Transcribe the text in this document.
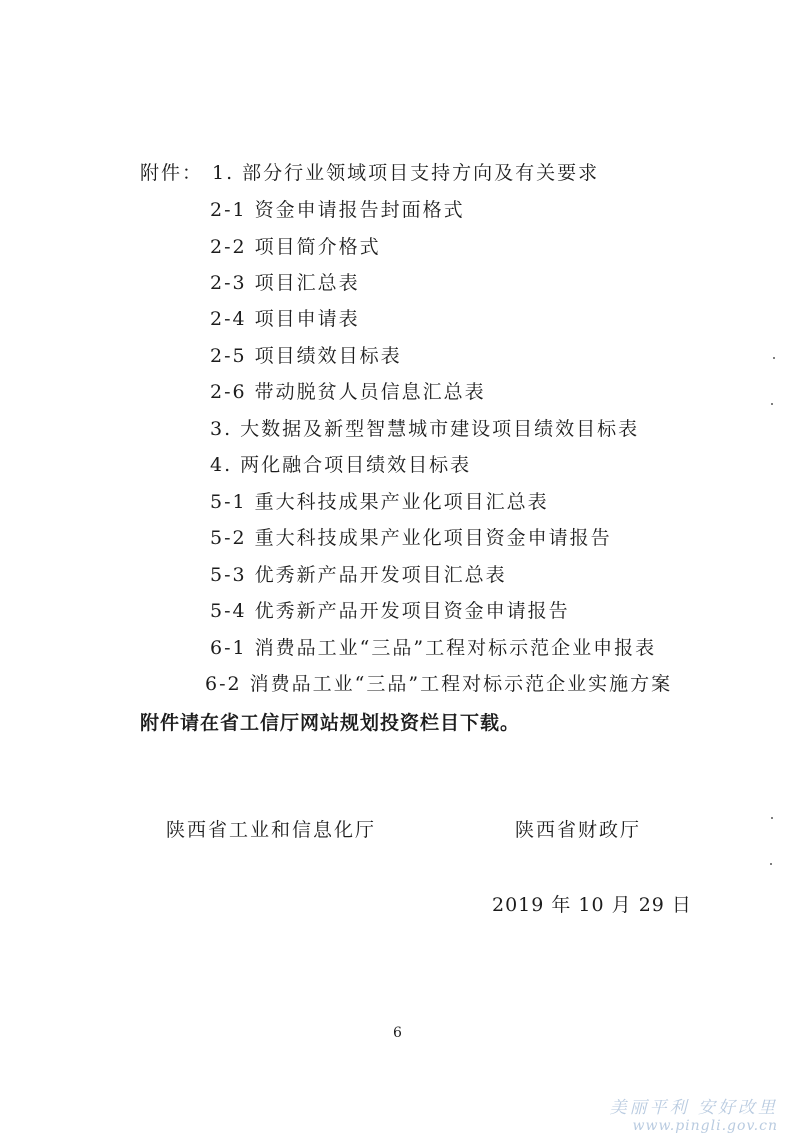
附件： 1. 部分行业领域项目支持方向及有关要求
2-1 资金申请报告封面格式
2-2 项目简介格式
2-3 项目汇总表
2-4 项目申请表
2-5 项目绩效目标表
2-6 带动脱贫人员信息汇总表
3. 大数据及新型智慧城市建设项目绩效目标表
4. 两化融合项目绩效目标表
5-1 重大科技成果产业化项目汇总表
5-2 重大科技成果产业化项目资金申请报告
5-3 优秀新产品开发项目汇总表
5-4 优秀新产品开发项目资金申请报告
6-1 消费品工业“三品”工程对标示范企业申报表
6-2 消费品工业“三品”工程对标示范企业实施方案
附件请在省工信厅网站规划投资栏目下载。
陕西省工业和信息化厅	陕西省财政厅
2019 年 10 月 29 日
6
美丽平利 安好改里
www.pingli.gov.cn
